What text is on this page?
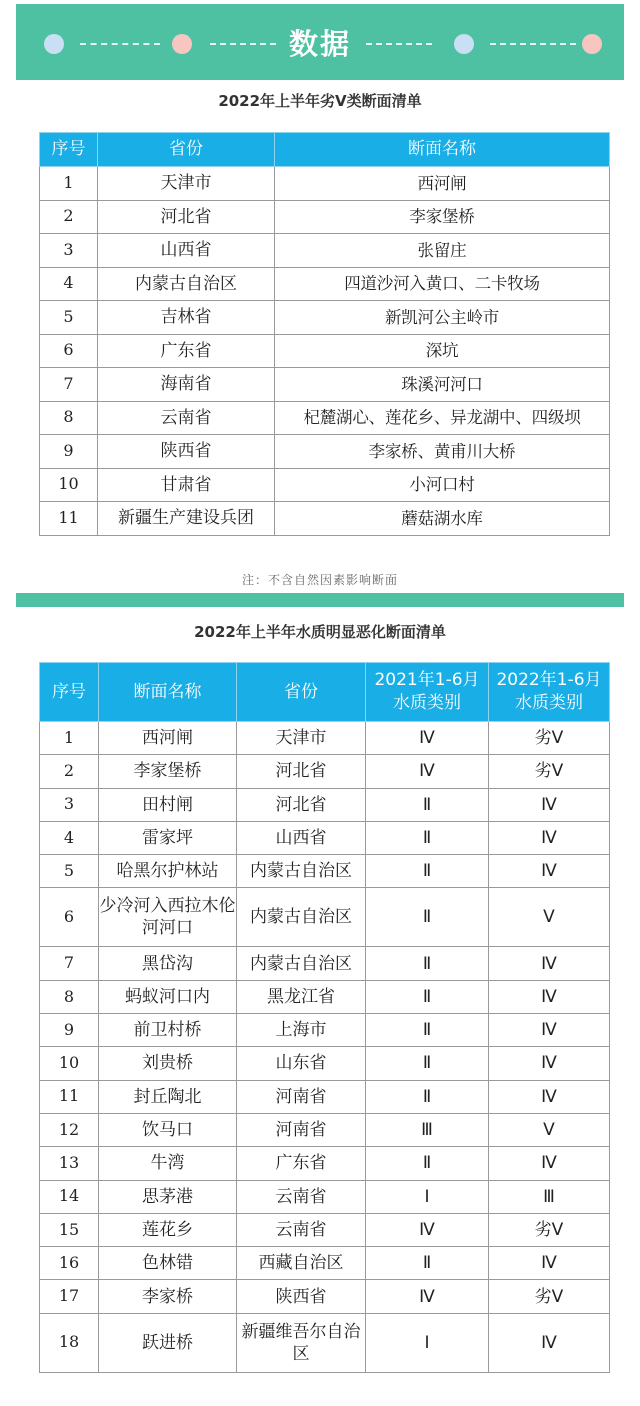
数据
2022年上半年劣Ⅴ类断面清单
序号	省份	断面名称
1	天津市	西河闸
2	河北省	李家堡桥
3	山西省	张留庄
4	内蒙古自治区	四道沙河入黄口、二卡牧场
5	吉林省	新凯河公主岭市
6	广东省	深坑
7	海南省	珠溪河河口
8	云南省	杞麓湖心、莲花乡、异龙湖中、四级坝
9	陕西省	李家桥、黄甫川大桥
10	甘肃省	小河口村
11	新疆生产建设兵团	蘑菇湖水库
注：不含自然因素影响断面
2022年上半年水质明显恶化断面清单
序号	断面名称	省份	2021年1-6月水质类别	2022年1-6月水质类别
1	西河闸	天津市	Ⅳ	劣Ⅴ
2	李家堡桥	河北省	Ⅳ	劣Ⅴ
3	田村闸	河北省	Ⅱ	Ⅳ
4	雷家坪	山西省	Ⅱ	Ⅳ
5	哈黑尔护林站	内蒙古自治区	Ⅱ	Ⅳ
6	少冷河入西拉木伦河河口	内蒙古自治区	Ⅱ	Ⅴ
7	黑岱沟	内蒙古自治区	Ⅱ	Ⅳ
8	蚂蚁河口内	黑龙江省	Ⅱ	Ⅳ
9	前卫村桥	上海市	Ⅱ	Ⅳ
10	刘贵桥	山东省	Ⅱ	Ⅳ
11	封丘陶北	河南省	Ⅱ	Ⅳ
12	饮马口	河南省	Ⅲ	Ⅴ
13	牛湾	广东省	Ⅱ	Ⅳ
14	思茅港	云南省	Ⅰ	Ⅲ
15	莲花乡	云南省	Ⅳ	劣Ⅴ
16	色林错	西藏自治区	Ⅱ	Ⅳ
17	李家桥	陕西省	Ⅳ	劣Ⅴ
18	跃进桥	新疆维吾尔自治区	Ⅰ	Ⅳ
